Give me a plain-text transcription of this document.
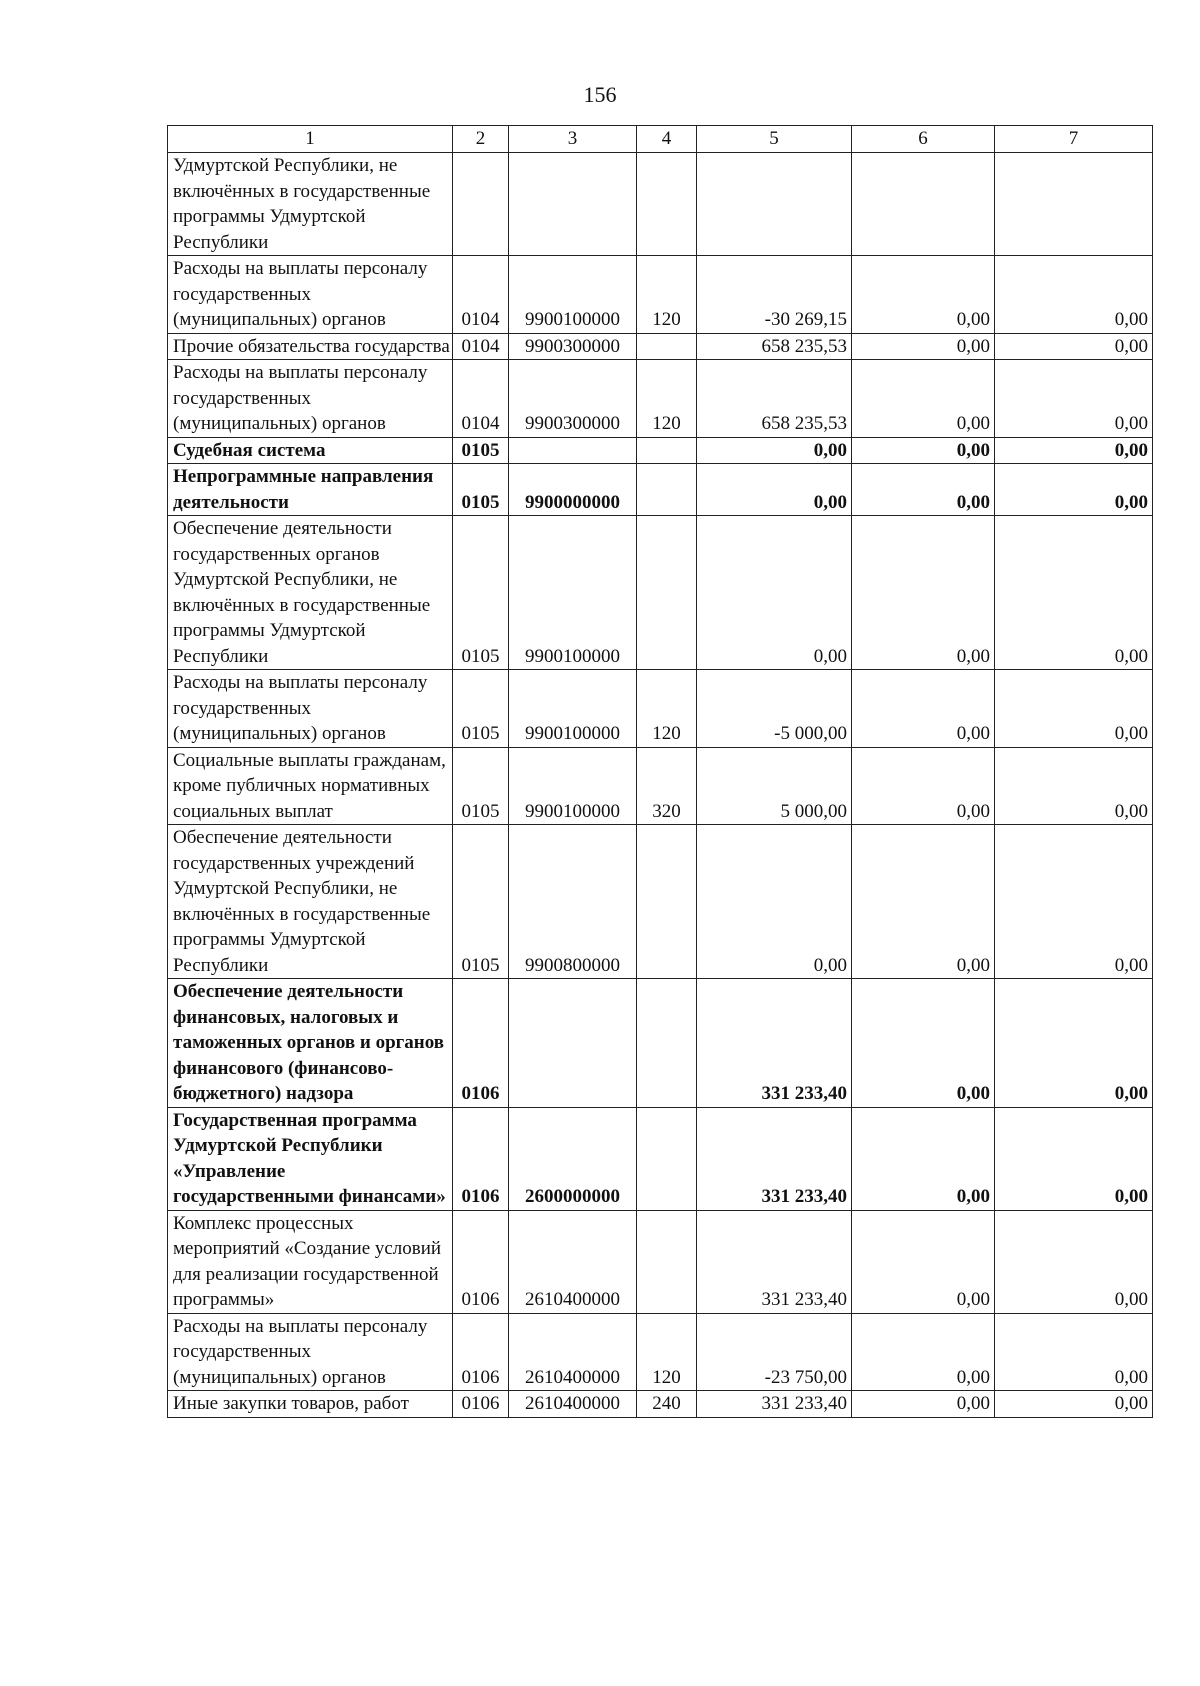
156
1	2	3	4	5	6	7
Удмуртской Республики, не включённых в государственные программы Удмуртской Республики						
Расходы на выплаты персоналу государственных (муниципальных) органов	0104	9900100000	120	-30 269,15	0,00	0,00
Прочие обязательства государства	0104	9900300000		658 235,53	0,00	0,00
Расходы на выплаты персоналу государственных (муниципальных) органов	0104	9900300000	120	658 235,53	0,00	0,00
Судебная система	0105			0,00	0,00	0,00
Непрограммные направления деятельности	0105	9900000000		0,00	0,00	0,00
Обеспечение деятельности государственных органов Удмуртской Республики, не включённых в государственные программы Удмуртской Республики	0105	9900100000		0,00	0,00	0,00
Расходы на выплаты персоналу государственных (муниципальных) органов	0105	9900100000	120	-5 000,00	0,00	0,00
Социальные выплаты гражданам, кроме публичных нормативных социальных выплат	0105	9900100000	320	5 000,00	0,00	0,00
Обеспечение деятельности государственных учреждений Удмуртской Республики, не включённых в государственные программы Удмуртской Республики	0105	9900800000		0,00	0,00	0,00
Обеспечение деятельности финансовых, налоговых и таможенных органов и органов финансового (финансово-бюджетного) надзора	0106			331 233,40	0,00	0,00
Государственная программа Удмуртской Республики «Управление государственными финансами»	0106	2600000000		331 233,40	0,00	0,00
Комплекс процессных мероприятий «Создание условий для реализации государственной программы»	0106	2610400000		331 233,40	0,00	0,00
Расходы на выплаты персоналу государственных (муниципальных) органов	0106	2610400000	120	-23 750,00	0,00	0,00
Иные закупки товаров, работ	0106	2610400000	240	331 233,40	0,00	0,00
